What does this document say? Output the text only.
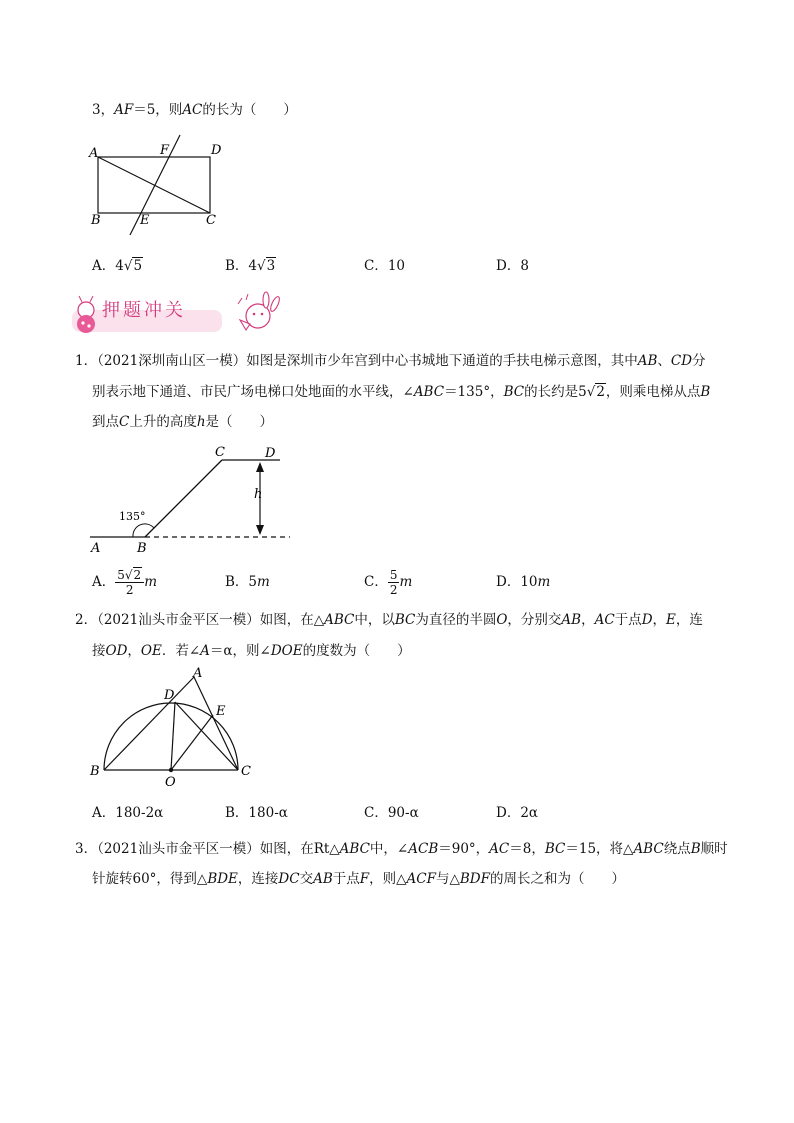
3，AF＝5，则AC的长为（　　）
A	F	D
B	E	C
A．4√5	B．4√3	C．10	D．8
押题冲关
1．（2021深圳南山区一模）如图是深圳市少年宫到中心书城地下通道的手扶电梯示意图，其中AB、CD分
别表示地下通道、市民广场电梯口处地面的水平线，∠ABC＝135°，BC的长约是5√2，则乘电梯从点B
到点C上升的高度h是（　　）
C	D
h
135°
A	B
A． $\frac{5√2}{2}$ m	B．5m	C． $\frac{5}{2}$ m	D．10m
2．（2021汕头市金平区一模）如图，在△ABC中，以BC为直径的半圆O，分别交AB，AC于点D，E，连
接OD，OE．若∠A＝α，则∠DOE的度数为（　　）
A
D
E
B
O
C
A．180-2α	B．180-α	C．90-α	D．2α
3．（2021汕头市金平区一模）如图，在Rt△ABC中，∠ACB＝90°，AC＝8，BC＝15，将△ABC绕点B顺时
针旋转60°，得到△BDE，连接DC交AB于点F，则△ACF与△BDF的周长之和为（　　）
